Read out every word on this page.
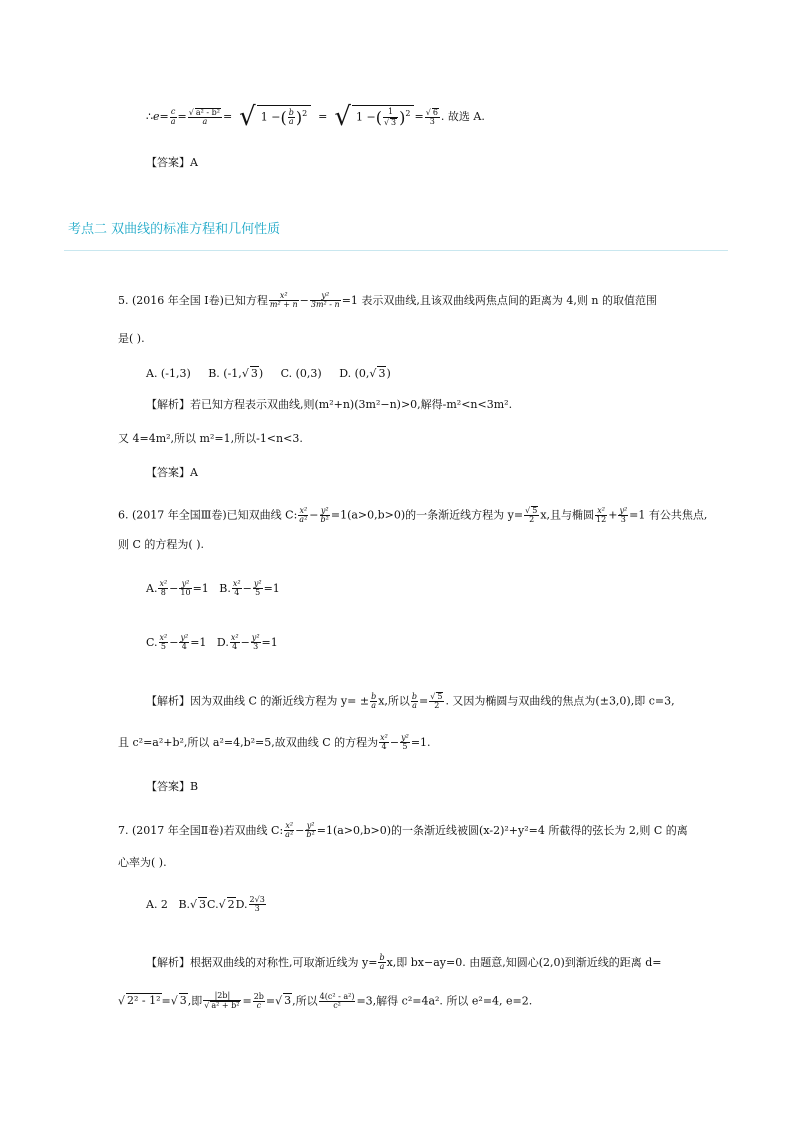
∴e= $\frac{c}{a} = \frac{\text{√ a² - b²}}{a}$ = √ 1 −( $\frac{b}{a} )^2$ = √ 1 −( $\frac{1}{√ 3} )^2 = \frac{√ 6}{3}$ . 故选 A.
【答案】A
考点二 双曲线的标准方程和几何性质
5. (2016 年全国 Ⅰ卷)已知方程 $\frac{\text{x²}}{\text{m² + n}} - \frac{\text{y²}}{\text{3m² - n}} =1$ 表示双曲线,且该双曲线两焦点间的距离为 4,则 n 的取值范围
是( ).
A. (-1,3) B. (-1,√ 3) C. (0,3) D. (0,√ 3)
【解析】若已知方程表示双曲线,则(m²+n)(3m²−n)>0,解得-m²<n<3m².
又 4=4m²,所以 m²=1,所以-1<n<3.
【答案】A
6. (2017 年全国Ⅲ卷)已知双曲线 C: $\frac{\text{x²}}{\text{a²}} - \frac{\text{y²}}{\text{b²}} =1(a>0,b>0)$的一条渐近线方程为 $y= \frac{√ 5}{2} x$,且与椭圆 $\frac{\text{x²}}{12} + \frac{\text{y²}}{3} =1$ 有公共焦点,
则 C 的方程为( ).
A. $\frac{\text{x²}}{8} - \frac{\text{y²}}{10} =1$ B. $\frac{\text{x²}}{4} - \frac{\text{y²}}{5} =1$
C. $\frac{\text{x²}}{5} - \frac{\text{y²}}{4} =1$ D. $\frac{\text{x²}}{4} - \frac{\text{y²}}{3} =1$
【解析】因为双曲线 C 的渐近线方程为 $y= \pm \frac{b}{a} x$,所以 $\frac{b}{a} = \frac{√ 5}{2}$ . 又因为椭圆与双曲线的焦点为(±3,0),即 c=3,
且 c²=a²+b²,所以 a²=4,b²=5,故双曲线 C 的方程为 $\frac{\text{x²}}{4} - \frac{\text{y²}}{5} =1$.
【答案】B
7. (2017 年全国Ⅱ卷)若双曲线 C: $\frac{\text{x²}}{\text{a²}} - \frac{\text{y²}}{\text{b²}} =1(a>0,b>0)$的一条渐近线被圆(x-2)²+y²=4 所截得的弦长为 2,则 C 的离
心率为( ).
A. 2 B.√ 3C.√ 2D. $\frac{2√3}{3}$
【解析】根据双曲线的对称性,可取渐近线为 $y= \frac{b}{a} x$,即 bx−ay=0. 由题意,知圆心(2,0)到渐近线的距离 d=
√ 2² - 1²=√ 3,即 $\frac{|2b|}{\text{√ a² + b²}} = \frac{2b}{c}$ =√ 3,所以 $\frac{\text{4(c² - a²)}}{\text{c²}} =3$,解得 c²=4a². 所以 e²=4, e=2.
